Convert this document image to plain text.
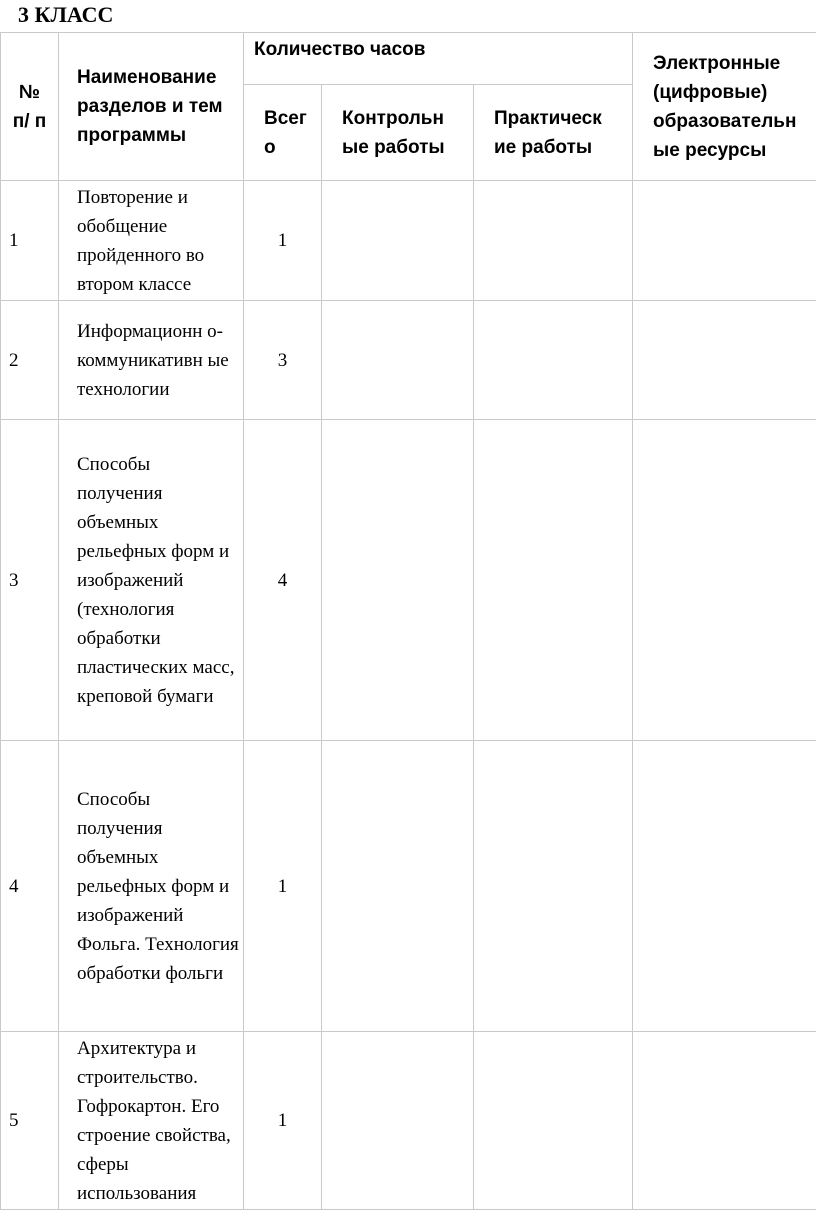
3 КЛАСС
№ п/ п	Наименование разделов и тем программы	Количество часов			Электронные (цифровые) образовательн ые ресурсы

		Всег о	Контрольн ые работы	Практическ ие работы	

1	Повторение и обобщение пройденного во втором классе	1			
2	Информационн о-коммуникативн ые технологии	3			
3	Способы получения объемных рельефных форм и изображений (технология обработки пластических масс, креповой бумаги	4			
4	Способы получения объемных рельефных форм и изображений Фольга. Технология обработки фольги	1			
5	Архитектура и строительство. Гофрокартон. Его строение свойства, сферы использования	1			
